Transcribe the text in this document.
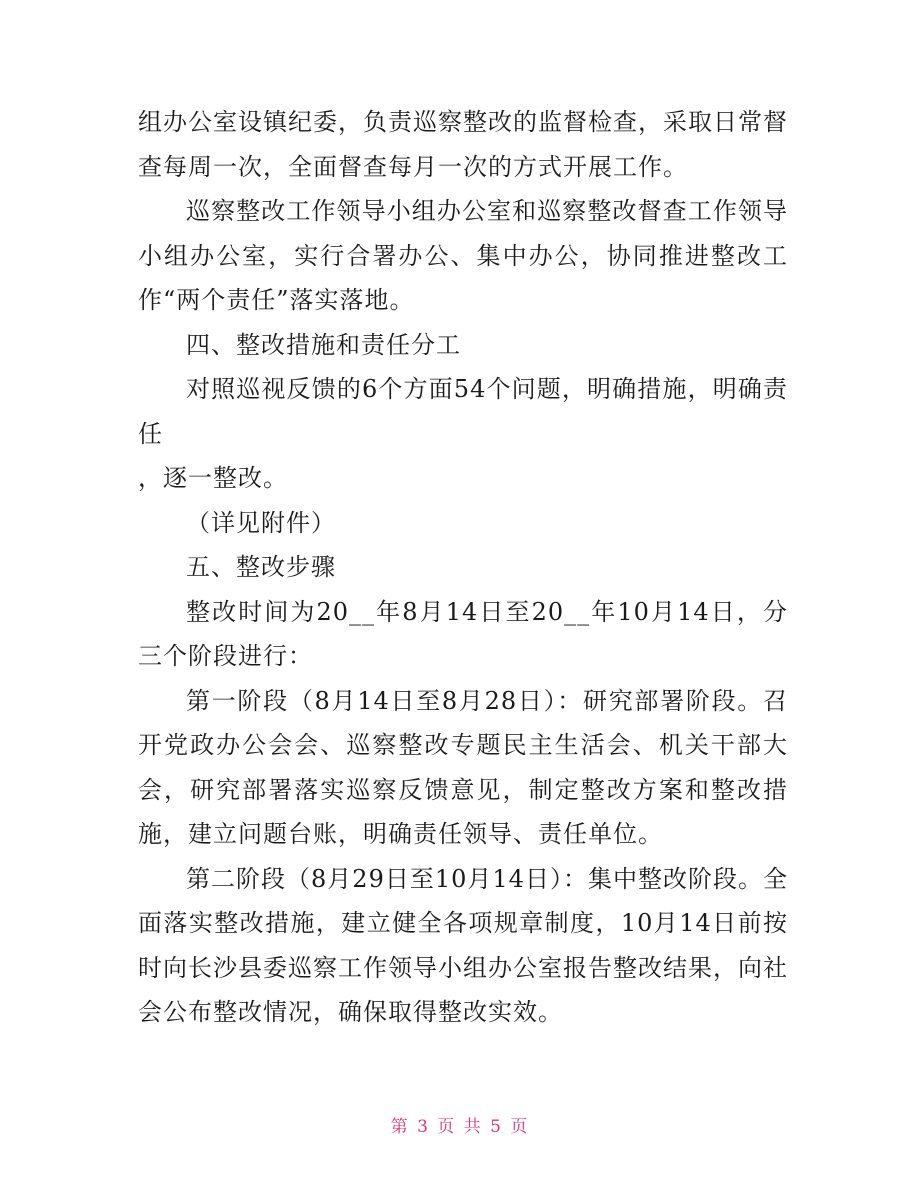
组办公室设镇纪委，负责巡察整改的监督检查，采取日常督查每周一次，全面督查每月一次的方式开展工作。

巡察整改工作领导小组办公室和巡察整改督查工作领导小组办公室，实行合署办公、集中办公，协同推进整改工作“两个责任”落实落地。

四、整改措施和责任分工

对照巡视反馈的6个方面54个问题，明确措施，明确责任

，逐一整改。

（详见附件）

五、整改步骤

整改时间为20__年8月14日至20__年10月14日，分三个阶段进行：

第一阶段（8月14日至8月28日）：研究部署阶段。召开党政办公会会、巡察整改专题民主生活会、机关干部大会，研究部署落实巡察反馈意见，制定整改方案和整改措施，建立问题台账，明确责任领导、责任单位。

第二阶段（8月29日至10月14日）：集中整改阶段。全面落实整改措施，建立健全各项规章制度，10月14日前按时向长沙县委巡察工作领导小组办公室报告整改结果，向社会公布整改情况，确保取得整改实效。

第 3 页 共 5 页
